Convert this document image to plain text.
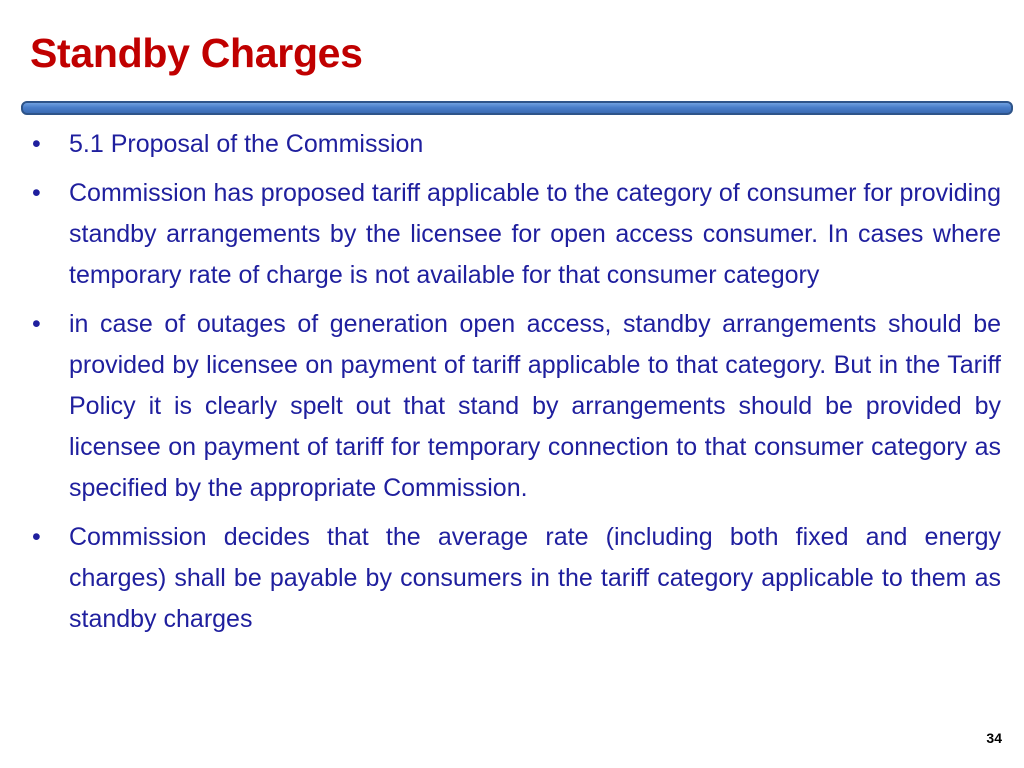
Standby Charges
•	5.1 Proposal of the Commission
•	Commission has proposed tariff applicable to the category of consumer for providing standby arrangements by the licensee for open access consumer. In cases where temporary rate of charge is not available for that consumer category
•	in case of outages of generation open access, standby arrangements should be provided by licensee on payment of tariff applicable to that category. But in the Tariff Policy it is clearly spelt out that stand by arrangements should be provided by licensee on payment of tariff for temporary connection to that consumer category as specified by the appropriate Commission.
•	Commission decides that the average rate (including both fixed and energy charges) shall be payable by consumers in the tariff category applicable to them as standby charges
34
